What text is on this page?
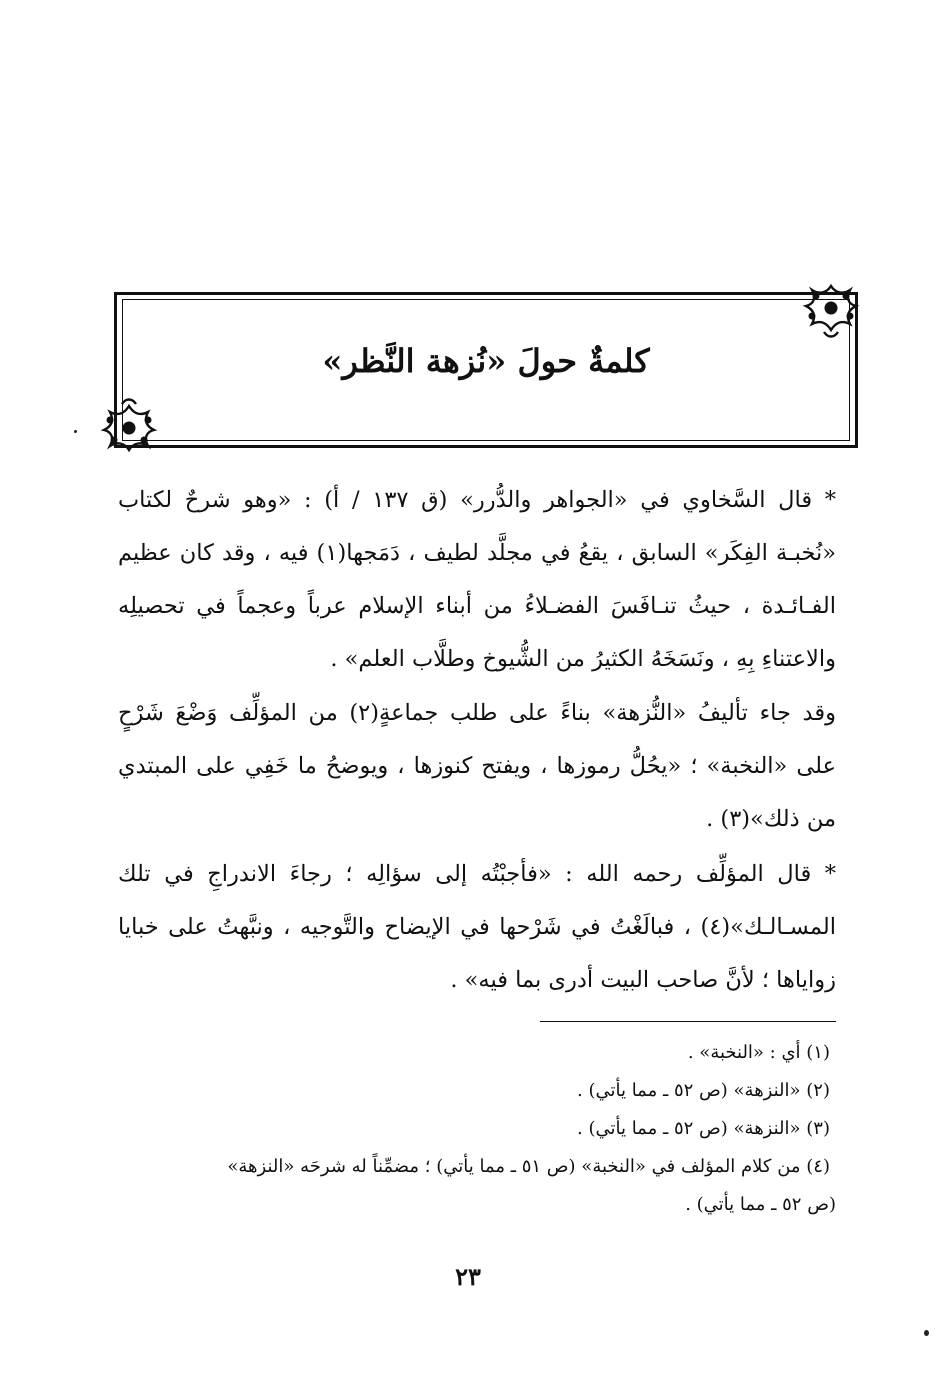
كلمةٌ حولَ «نُزهة النَّظر»
* قال السَّخاوي في «الجواهر والدُّرر» (ق ١٣٧ / أ) : «وهو شرحٌ لكتاب
«نُخبـة الفِكَر» السابق ، يقعُ في مجلَّد لطيف ، دَمَجها(١) فيه ، وقد كان عظيم
الفـائـدة ، حيثُ تنـافَسَ الفضـلاءُ من أبناء الإسلام عرباً وعجماً في تحصيلِه
والاعتناءِ بِهِ ، ونَسَخَهُ الكثيرُ من الشُّيوخ وطلَّاب العلم» .
وقد جاء تأليفُ «النُّزهة» بناءً على طلب جماعةٍ(٢) من المؤلِّف وَضْعَ شَرْحٍ
على «النخبة» ؛ «يحُلُّ رموزها ، ويفتح كنوزها ، ويوضحُ ما خَفِي على المبتدي
من ذلك»(٣) .
* قال المؤلِّف رحمه الله : «فأجبْتُه إلى سؤالِه ؛ رجاءَ الاندراجِ في تلك
المسـالـك»(٤) ، فبالَغْتُ في شَرْحها في الإيضاح والتَّوجيه ، ونبَّهتُ على خبايا
زواياها ؛ لأنَّ صاحب البيت أدرى بما فيه» .
(١) أي : «النخبة» .
(٢) «النزهة» (ص ٥٢ ـ مما يأتي) .
(٣) «النزهة» (ص ٥٢ ـ مما يأتي) .
(٤) من كلام المؤلف في «النخبة» (ص ٥١ ـ مما يأتي) ؛ مضمِّناً له شرحَه «النزهة»
(ص ٥٢ ـ مما يأتي) .
٢٣
